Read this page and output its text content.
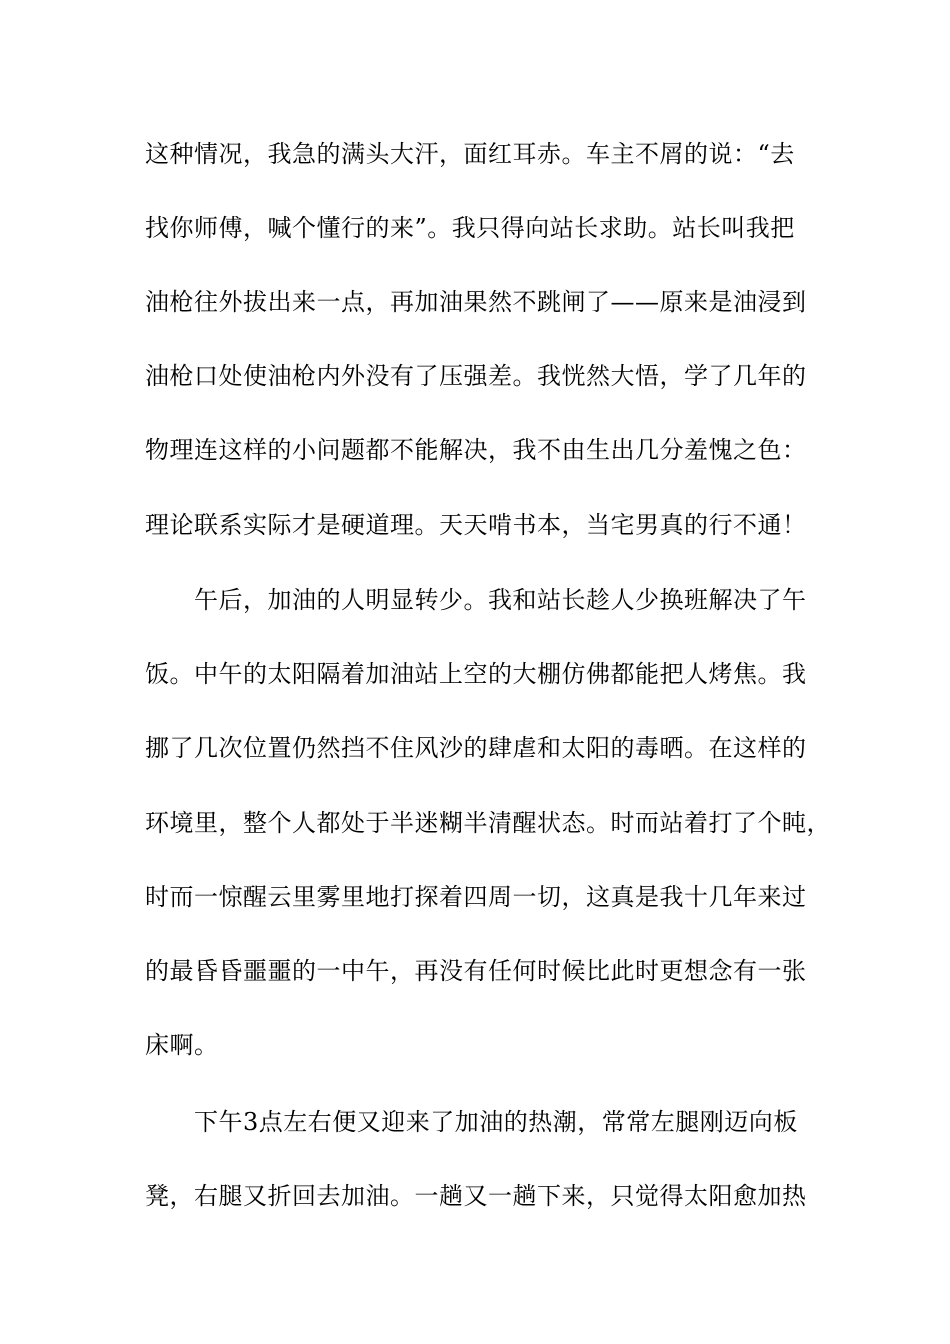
这种情况，我急的满头大汗，面红耳赤。车主不屑的说：“去
找你师傅，喊个懂行的来”。我只得向站长求助。站长叫我把
油枪往外拔出来一点，再加油果然不跳闸了——原来是油浸到
油枪口处使油枪内外没有了压强差。我恍然大悟，学了几年的
物理连这样的小问题都不能解决，我不由生出几分羞愧之色：
理论联系实际才是硬道理。天天啃书本，当宅男真的行不通！
午后，加油的人明显转少。我和站长趁人少换班解决了午
饭。中午的太阳隔着加油站上空的大棚仿佛都能把人烤焦。我
挪了几次位置仍然挡不住风沙的肆虐和太阳的毒晒。在这样的
环境里，整个人都处于半迷糊半清醒状态。时而站着打了个盹，
时而一惊醒云里雾里地打探着四周一切，这真是我十几年来过
的最昏昏噩噩的一中午，再没有任何时候比此时更想念有一张
床啊。
下午3点左右便又迎来了加油的热潮，常常左腿刚迈向板
凳，右腿又折回去加油。一趟又一趟下来，只觉得太阳愈加热
